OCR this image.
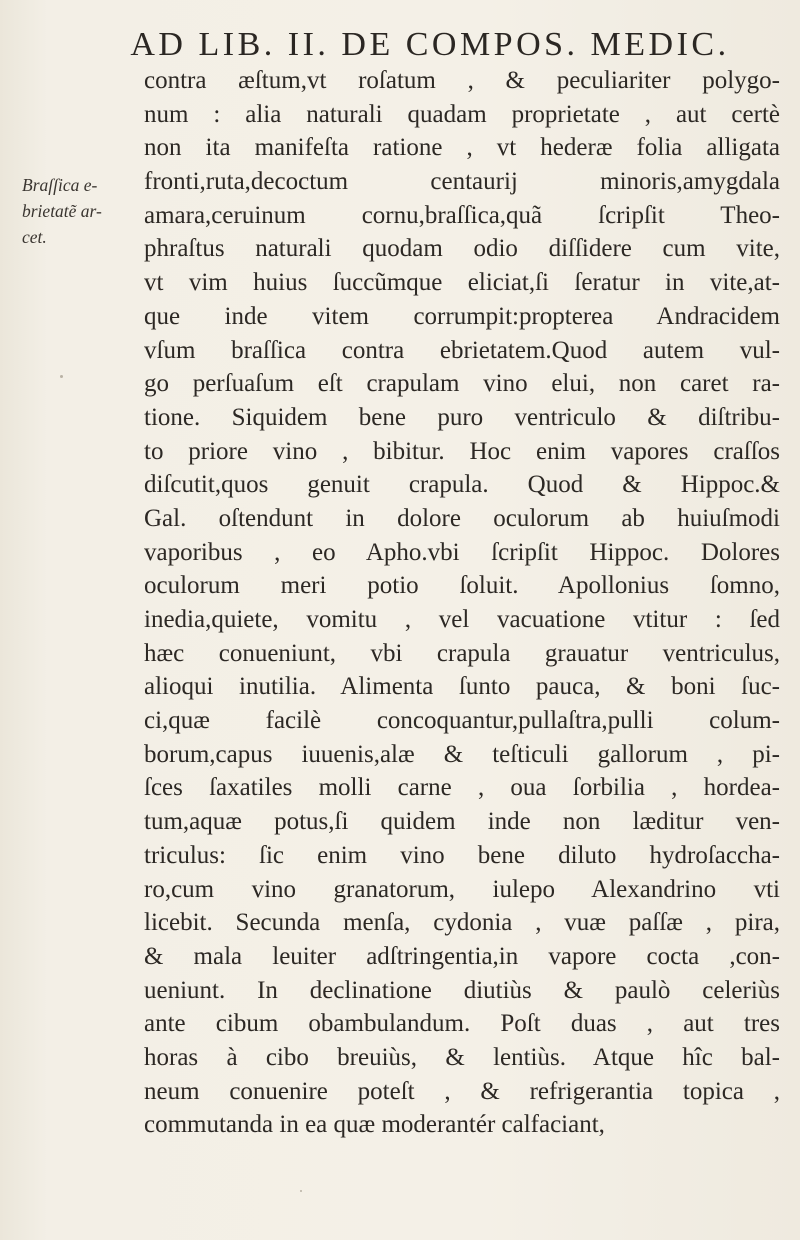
AD LIB. II. DE COMPOS. MEDIC.
Braſſica e-
brietatẽ ar-
cet.
contra æſtum,vt roſatum , & peculiariter polygo-
num : alia naturali quadam proprietate , aut certè
non ita manifeſta ratione , vt hederæ folia alligata
fronti,ruta,decoctum centaurij minoris,amygdala
amara,ceruinum cornu,braſſica,quã ſcripſit Theo-
phraſtus naturali quodam odio diſſidere cum vite,
vt vim huius ſuccũmque eliciat,ſi ſeratur in vite,at-
que inde vitem corrumpit:propterea Andracidem
vſum braſſica contra ebrietatem.Quod autem vul-
go perſuaſum eſt crapulam vino elui, non caret ra-
tione. Siquidem bene puro ventriculo & diſtribu-
to priore vino , bibitur. Hoc enim vapores craſſos
diſcutit,quos genuit crapula. Quod & Hippoc.&
Gal. oſtendunt in dolore oculorum ab huiuſmodi
vaporibus , eo Apho.vbi ſcripſit Hippoc. Dolores
oculorum meri potio ſoluit. Apollonius ſomno,
inedia,quiete, vomitu , vel vacuatione vtitur : ſed
hæc conueniunt, vbi crapula grauatur ventriculus,
alioqui inutilia. Alimenta ſunto pauca, & boni ſuc-
ci,quæ facilè concoquantur,pullaſtra,pulli colum-
borum,capus iuuenis,alæ & teſticuli gallorum , pi-
ſces ſaxatiles molli carne , oua ſorbilia , hordea-
tum,aquæ potus,ſi quidem inde non læditur ven-
triculus: ſic enim vino bene diluto hydroſaccha-
ro,cum vino granatorum, iulepo Alexandrino vti
licebit. Secunda menſa, cydonia , vuæ paſſæ , pira,
& mala leuiter adſtringentia,in vapore cocta ,con-
ueniunt. In declinatione diutiùs & paulò celeriùs
ante cibum obambulandum. Poſt duas , aut tres
horas à cibo breuiùs, & lentiùs. Atque hîc bal-
neum conuenire poteſt , & refrigerantia topica ,
commutanda in ea quæ moderantér calfaciant,
